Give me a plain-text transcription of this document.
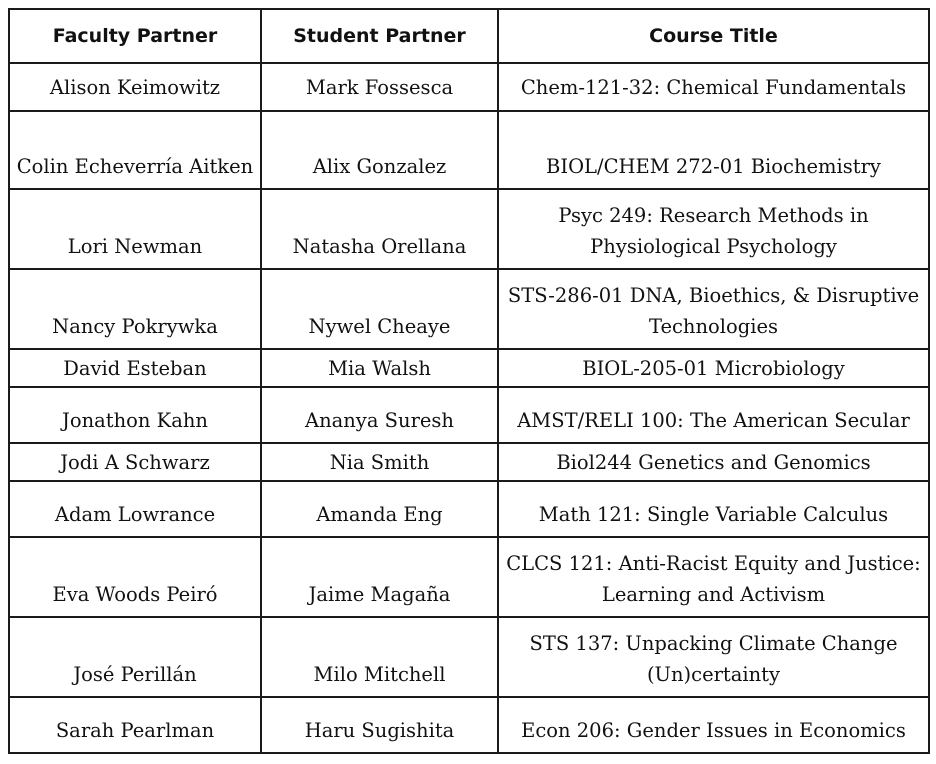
Faculty Partner	Student Partner	Course Title
Alison Keimowitz	Mark Fossesca	Chem-121-32: Chemical Fundamentals

Colin Echeverría Aitken	Alix Gonzalez	BIOL/CHEM 272-01 Biochemistry

Lori Newman	Natasha Orellana	Psyc 249: Research Methods in
Physiological Psychology

Nancy Pokrywka	Nywel Cheaye	STS-286-01 DNA, Bioethics, & Disruptive
Technologies

David Esteban	Mia Walsh	BIOL-205-01 Microbiology

Jonathon Kahn	Ananya Suresh	AMST/RELI 100: The American Secular

Jodi A Schwarz	Nia Smith	Biol244 Genetics and Genomics

Adam Lowrance	Amanda Eng	Math 121: Single Variable Calculus

Eva Woods Peiró	Jaime Magaña	CLCS 121: Anti-Racist Equity and Justice:
Learning and Activism

José Perillán	Milo Mitchell	STS 137: Unpacking Climate Change
(Un)certainty

Sarah Pearlman	Haru Sugishita	Econ 206: Gender Issues in Economics
